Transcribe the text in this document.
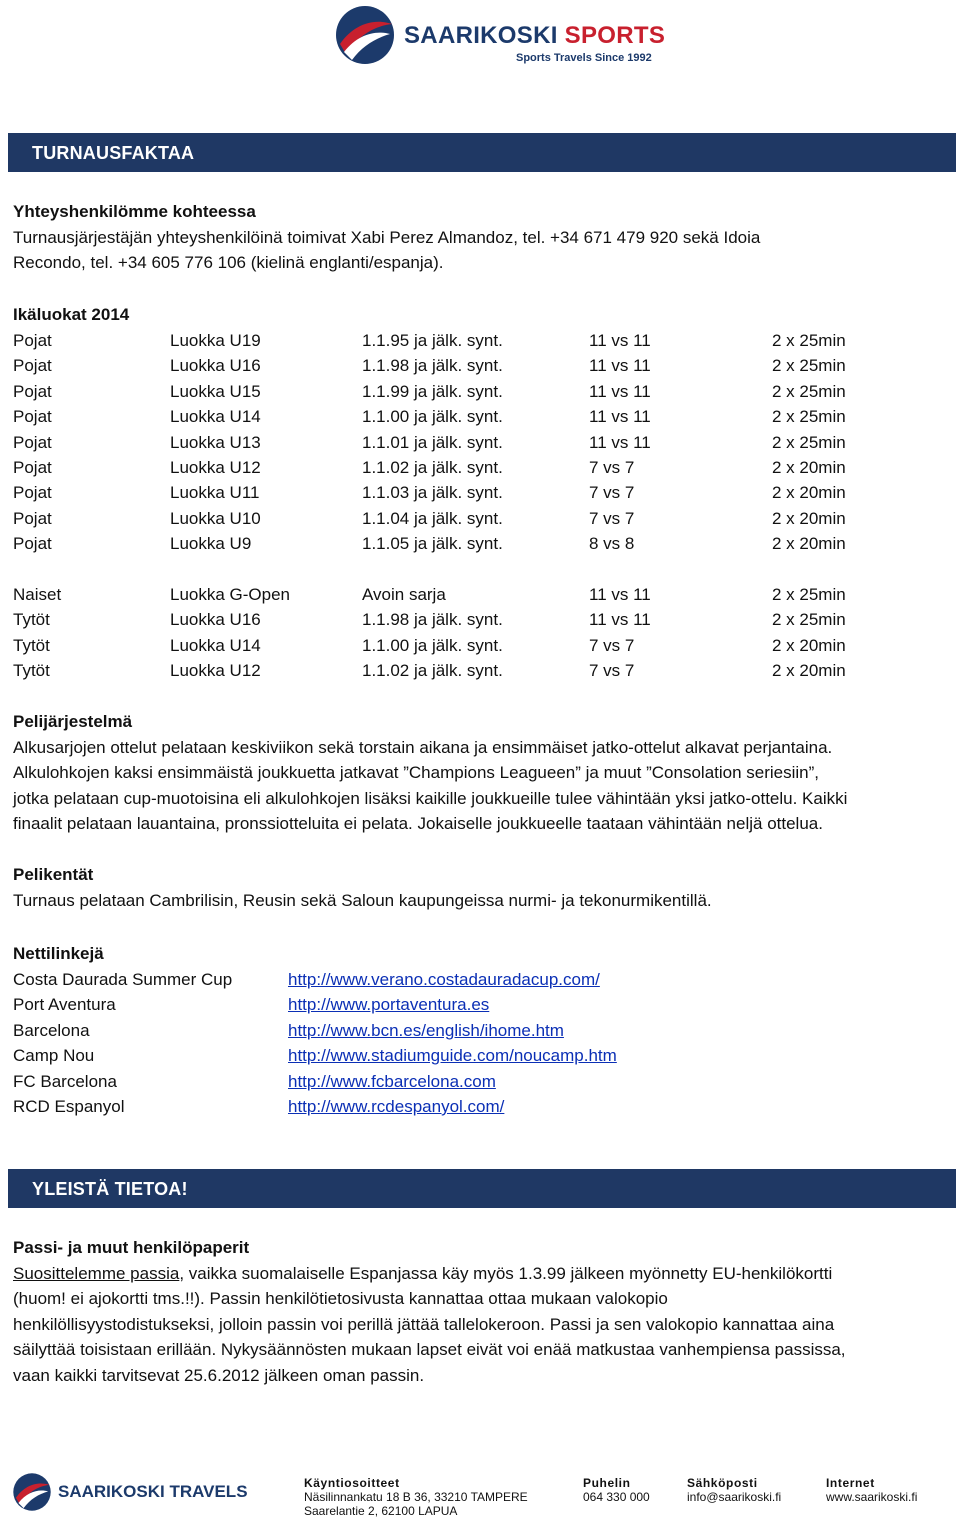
SAARIKOSKI SPORTS
Sports Travels Since 1992
TURNAUSFAKTAA

Yhteyshenkilömme kohteessa

Turnausjärjestäjän yhteyshenkilöinä toimivat Xabi Perez Almandoz, tel. +34 671 479 920 sekä Idoia

Recondo, tel. +34 605 776 106 (kielinä englanti/espanja).

Ikäluokat 2014

Pojat	Luokka U19	1.1.95 ja jälk. synt.	11 vs 11	2 x 25min
Pojat	Luokka U16	1.1.98 ja jälk. synt.	11 vs 11	2 x 25min
Pojat	Luokka U15	1.1.99 ja jälk. synt.	11 vs 11	2 x 25min
Pojat	Luokka U14	1.1.00 ja jälk. synt.	11 vs 11	2 x 25min
Pojat	Luokka U13	1.1.01 ja jälk. synt.	11 vs 11	2 x 25min
Pojat	Luokka U12	1.1.02 ja jälk. synt.	7 vs 7	2 x 20min
Pojat	Luokka U11	1.1.03 ja jälk. synt.	7 vs 7	2 x 20min
Pojat	Luokka U10	1.1.04 ja jälk. synt.	7 vs 7	2 x 20min
Pojat	Luokka U9	1.1.05 ja jälk. synt.	8 vs 8	2 x 20min

Naiset	Luokka G-Open	Avoin sarja	11 vs 11	2 x 25min
Tytöt	Luokka U16	1.1.98 ja jälk. synt.	11 vs 11	2 x 25min
Tytöt	Luokka U14	1.1.00 ja jälk. synt.	7 vs 7	2 x 20min
Tytöt	Luokka U12	1.1.02 ja jälk. synt.	7 vs 7	2 x 20min

Pelijärjestelmä

Alkusarjojen ottelut pelataan keskiviikon sekä torstain aikana ja ensimmäiset jatko-ottelut alkavat perjantaina.

Alkulohkojen kaksi ensimmäistä joukkuetta jatkavat ”Champions Leagueen” ja muut ”Consolation seriesiin”,

jotka pelataan cup-muotoisina eli alkulohkojen lisäksi kaikille joukkueille tulee vähintään yksi jatko-ottelu. Kaikki

finaalit pelataan lauantaina, pronssiotteluita ei pelata. Jokaiselle joukkueelle taataan vähintään neljä ottelua.

Pelikentät

Turnaus pelataan Cambrilisin, Reusin sekä Saloun kaupungeissa nurmi- ja tekonurmikentillä.

Nettilinkejä

Costa Daurada Summer Cup	http://www.verano.costadauradacup.com/
Port Aventura	http://www.portaventura.es
Barcelona	http://www.bcn.es/english/ihome.htm
Camp Nou	http://www.stadiumguide.com/noucamp.htm
FC Barcelona	http://www.fcbarcelona.com
RCD Espanyol	http://www.rcdespanyol.com/
YLEISTÄ TIETOA!

Passi- ja muut henkilöpaperit

Suosittelemme passia, vaikka suomalaiselle Espanjassa käy myös 1.3.99 jälkeen myönnetty EU-henkilökortti

(huom! ei ajokortti tms.!!). Passin henkilötietosivusta kannattaa ottaa mukaan valokopio

henkilöllisyystodistukseksi, jolloin passin voi perillä jättää tallelokeroon. Passi ja sen valokopio kannattaa aina

säilyttää toisistaan erillään. Nykysäännösten mukaan lapset eivät voi enää matkustaa vanhempiensa passissa,

vaan kaikki tarvitsevat 25.6.2012 jälkeen oman passin.

SAARIKOSKI TRAVELS	Käyntiosoitteet
Näsilinnankatu 18 B 36, 33210 TAMPERE
Saarelantie 2, 62100 LAPUA
Puhelin
064 330 000
Sähköposti
info@saarikoski.fi
Internet
www.saarikoski.fi
